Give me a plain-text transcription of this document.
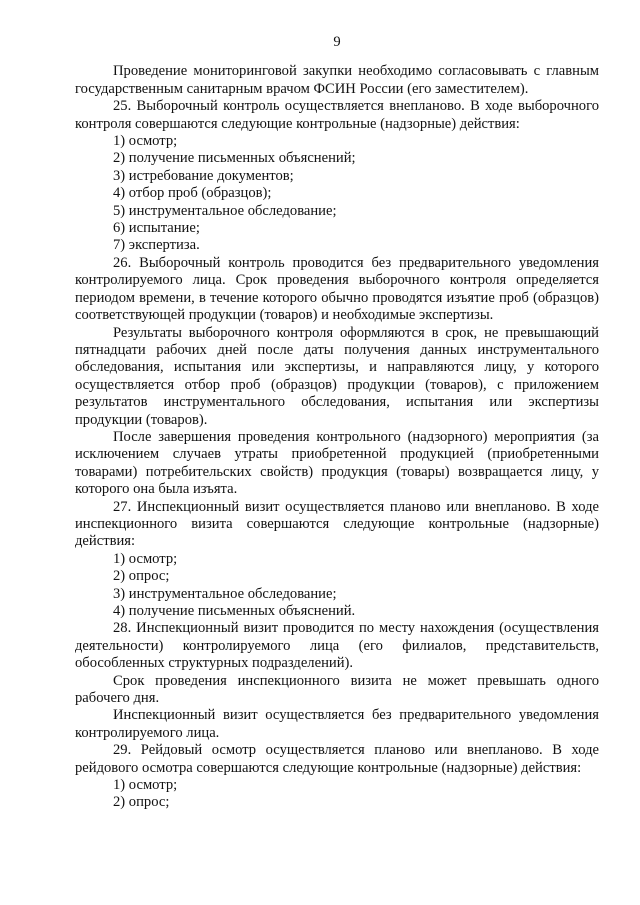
9
Проведение мониторинговой закупки необходимо согласовывать с главным государственным санитарным врачом ФСИН России (его заместителем).
25. Выборочный контроль осуществляется внепланово. В ходе выборочного контроля совершаются следующие контрольные (надзорные) действия:
1) осмотр;
2) получение письменных объяснений;
3) истребование документов;
4) отбор проб (образцов);
5) инструментальное обследование;
6) испытание;
7) экспертиза.
26. Выборочный контроль проводится без предварительного уведомления контролируемого лица. Срок проведения выборочного контроля определяется периодом времени, в течение которого обычно проводятся изъятие проб (образцов) соответствующей продукции (товаров) и необходимые экспертизы.
Результаты выборочного контроля оформляются в срок, не превышающий пятнадцати рабочих дней после даты получения данных инструментального обследования, испытания или экспертизы, и направляются лицу, у которого осуществляется отбор проб (образцов) продукции (товаров), с приложением результатов инструментального обследования, испытания или экспертизы продукции (товаров).
После завершения проведения контрольного (надзорного) мероприятия (за исключением случаев утраты приобретенной продукцией (приобретенными товарами) потребительских свойств) продукция (товары) возвращается лицу, у которого она была изъята.
27. Инспекционный визит осуществляется планово или внепланово. В ходе инспекционного визита совершаются следующие контрольные (надзорные) действия:
1) осмотр;
2) опрос;
3) инструментальное обследование;
4) получение письменных объяснений.
28. Инспекционный визит проводится по месту нахождения (осуществления деятельности) контролируемого лица (его филиалов, представительств, обособленных структурных подразделений).
Срок проведения инспекционного визита не может превышать одного рабочего дня.
Инспекционный визит осуществляется без предварительного уведомления контролируемого лица.
29. Рейдовый осмотр осуществляется планово или внепланово. В ходе рейдового осмотра совершаются следующие контрольные (надзорные) действия:
1) осмотр;
2) опрос;
